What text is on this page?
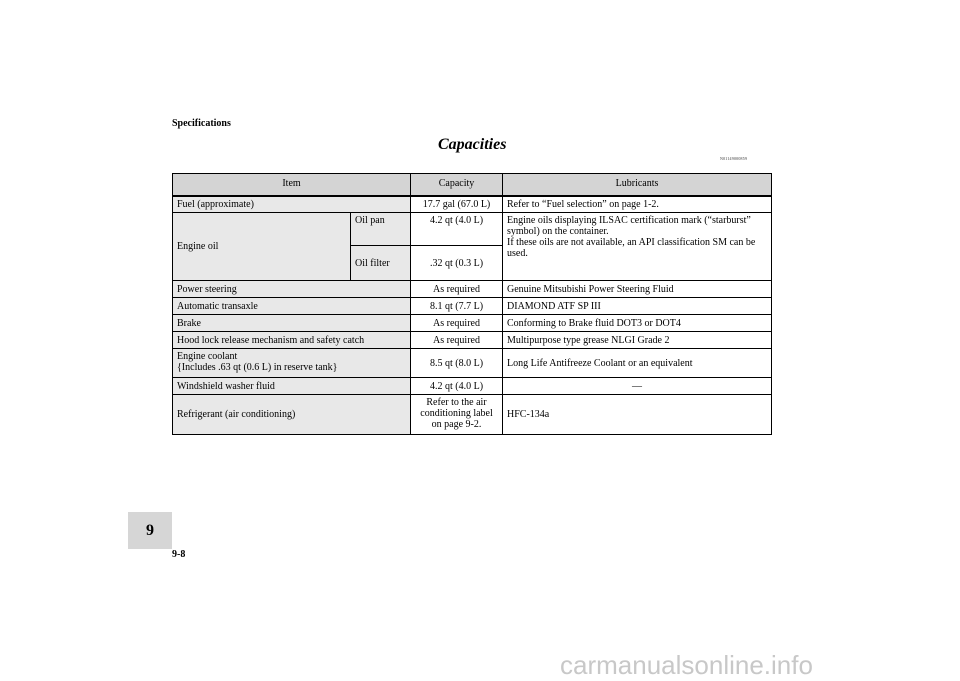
Specifications
Capacities
N01149000859
Item		Capacity	Lubricants
Fuel (approximate)		17.7 gal (67.0 L)	Refer to “Fuel selection” on page 1-2.
Engine oil	Oil pan	4.2 qt (4.0 L)	Engine oils displaying ILSAC certification mark (“starburst” symbol) on the container.
If these oils are not available, an API classification SM can be used.

	Oil filter	.32 qt (0.3 L)	
Power steering		As required	Genuine Mitsubishi Power Steering Fluid
Automatic transaxle		8.1 qt (7.7 L)	DIAMOND ATF SP III
Brake		As required	Conforming to Brake fluid DOT3 or DOT4
Hood lock release mechanism and safety catch		As required	Multipurpose type grease NLGI Grade 2

Engine coolant
{Includes .63 qt (0.6 L) in reserve tank}		8.5 qt (8.0 L)	Long Life Antifreeze Coolant or an equivalent
Windshield washer fluid		4.2 qt (4.0 L)	—
Refrigerant (air conditioning)		Refer to the air conditioning label on page 9-2.	HFC-134a
9
9-8
carmanualsonline.info
